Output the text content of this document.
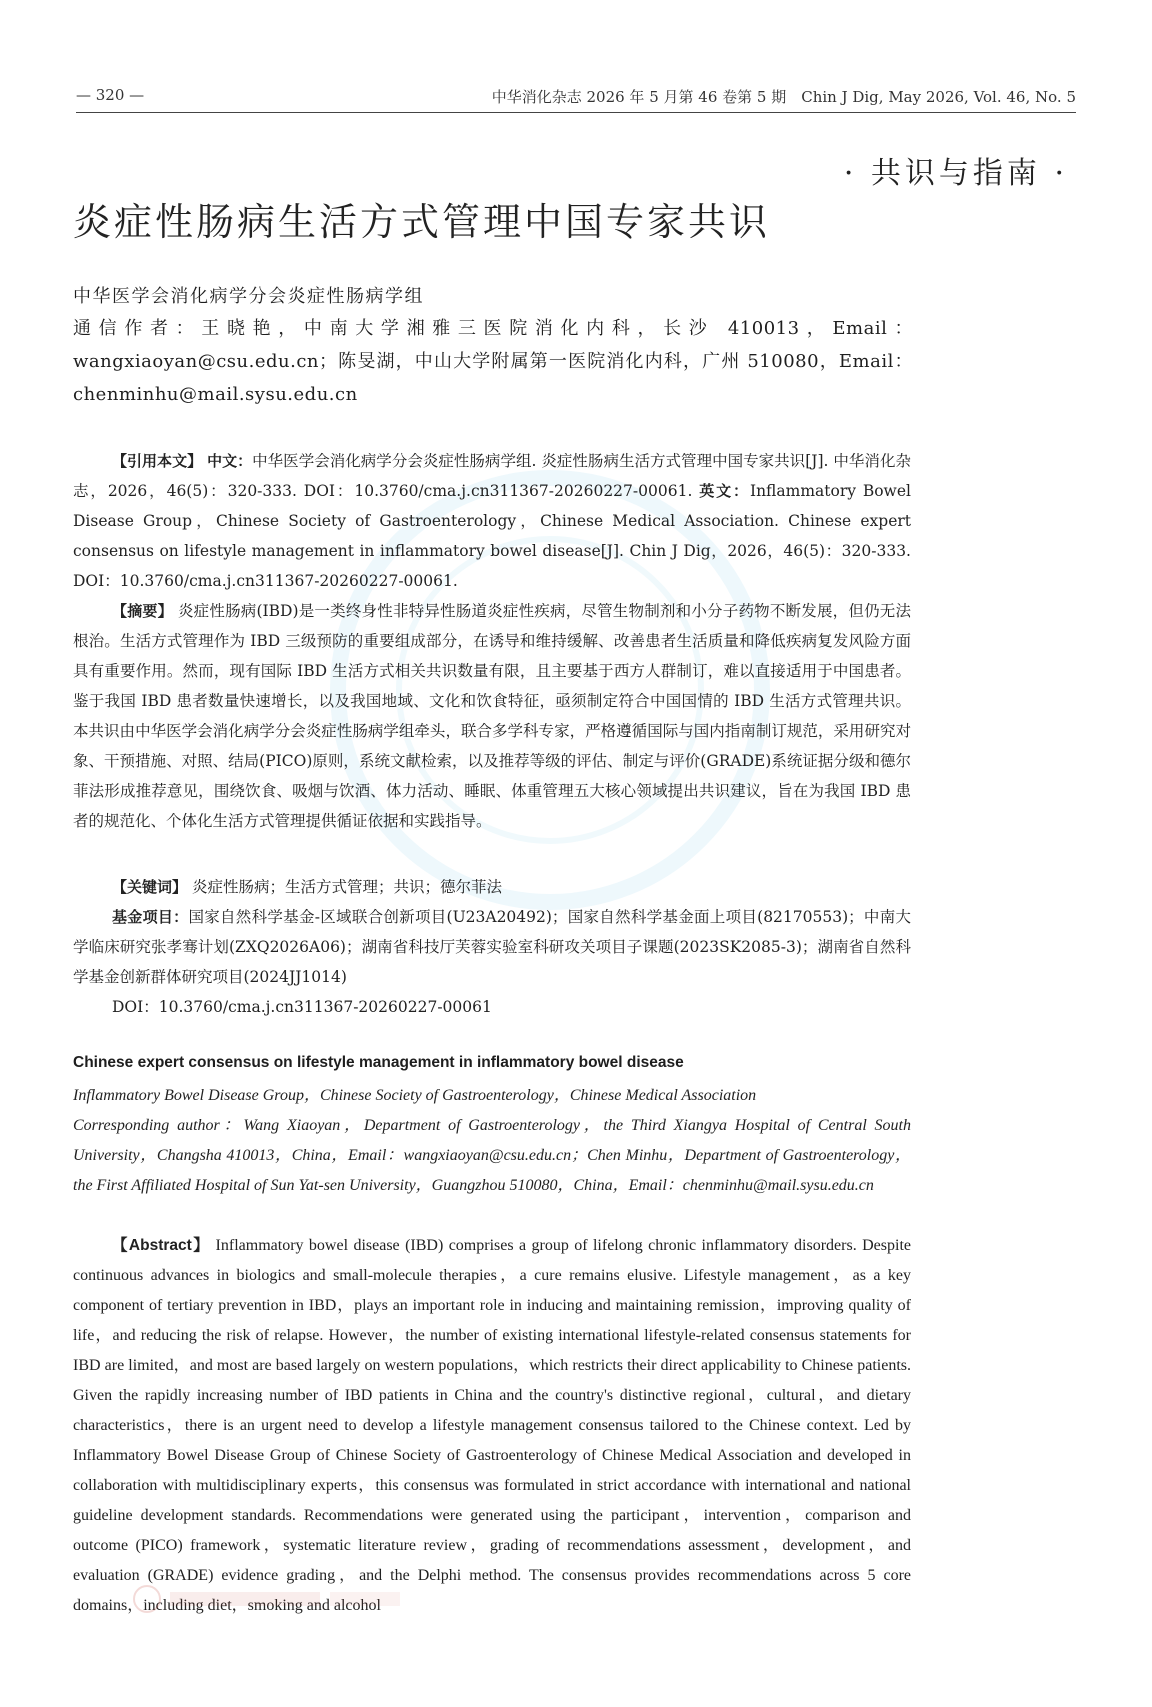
— 320 —	中华消化杂志 2026 年 5 月第 46 卷第 5 期　Chin J Dig, May 2026, Vol. 46, No. 5
· 共识与指南 ·
炎症性肠病生活方式管理中国专家共识
中华医学会消化病学分会炎症性肠病学组
通信作者：王晓艳，中南大学湘雅三医院消化内科，长沙 410013，Email：wangxiaoyan@csu.edu.cn；陈旻湖，中山大学附属第一医院消化内科，广州 510080，Email：chenminhu@mail.sysu.edu.cn
【引用本文】 中文：中华医学会消化病学分会炎症性肠病学组. 炎症性肠病生活方式管理中国专家共识[J]. 中华消化杂志，2026，46(5)：320-333. DOI：10.3760/cma.j.cn311367-20260227-00061. 英文：Inflammatory Bowel Disease Group，Chinese Society of Gastroenterology，Chinese Medical Association. Chinese expert consensus on lifestyle management in inflammatory bowel disease[J]. Chin J Dig，2026，46(5)：320-333. DOI：10.3760/cma.j.cn311367-20260227-00061.
【摘要】 炎症性肠病(IBD)是一类终身性非特异性肠道炎症性疾病，尽管生物制剂和小分子药物不断发展，但仍无法根治。生活方式管理作为 IBD 三级预防的重要组成部分，在诱导和维持缓解、改善患者生活质量和降低疾病复发风险方面具有重要作用。然而，现有国际 IBD 生活方式相关共识数量有限，且主要基于西方人群制订，难以直接适用于中国患者。鉴于我国 IBD 患者数量快速增长，以及我国地域、文化和饮食特征，亟须制定符合中国国情的 IBD 生活方式管理共识。本共识由中华医学会消化病学分会炎症性肠病学组牵头，联合多学科专家，严格遵循国际与国内指南制订规范，采用研究对象、干预措施、对照、结局(PICO)原则，系统文献检索，以及推荐等级的评估、制定与评价(GRADE)系统证据分级和德尔菲法形成推荐意见，围绕饮食、吸烟与饮酒、体力活动、睡眠、体重管理五大核心领域提出共识建议，旨在为我国 IBD 患者的规范化、个体化生活方式管理提供循证依据和实践指导。
【关键词】 炎症性肠病；生活方式管理；共识；德尔菲法
基金项目：国家自然科学基金-区域联合创新项目(U23A20492)；国家自然科学基金面上项目(82170553)；中南大学临床研究张孝骞计划(ZXQ2026A06)；湖南省科技厅芙蓉实验室科研攻关项目子课题(2023SK2085-3)；湖南省自然科学基金创新群体研究项目(2024JJ1014)
DOI：10.3760/cma.j.cn311367-20260227-00061
Chinese expert consensus on lifestyle management in inflammatory bowel disease
Inflammatory Bowel Disease Group，Chinese Society of Gastroenterology，Chinese Medical Association
Corresponding author：Wang Xiaoyan，Department of Gastroenterology，the Third Xiangya Hospital of Central South University，Changsha 410013，China，Email：wangxiaoyan@csu.edu.cn；Chen Minhu，Department of Gastroenterology，the First Affiliated Hospital of Sun Yat-sen University，Guangzhou 510080，China，Email：chenminhu@mail.sysu.edu.cn
【Abstract】 Inflammatory bowel disease (IBD) comprises a group of lifelong chronic inflammatory disorders. Despite continuous advances in biologics and small-molecule therapies，a cure remains elusive. Lifestyle management，as a key component of tertiary prevention in IBD，plays an important role in inducing and maintaining remission，improving quality of life，and reducing the risk of relapse. However，the number of existing international lifestyle-related consensus statements for IBD are limited，and most are based largely on western populations，which restricts their direct applicability to Chinese patients. Given the rapidly increasing number of IBD patients in China and the country's distinctive regional，cultural，and dietary characteristics，there is an urgent need to develop a lifestyle management consensus tailored to the Chinese context. Led by Inflammatory Bowel Disease Group of Chinese Society of Gastroenterology of Chinese Medical Association and developed in collaboration with multidisciplinary experts，this consensus was formulated in strict accordance with international and national guideline development standards. Recommendations were generated using the participant，intervention，comparison and outcome (PICO) framework，systematic literature review，grading of recommendations assessment，development，and evaluation (GRADE) evidence grading，and the Delphi method. The consensus provides recommendations across 5 core domains，including diet，smoking and alcohol
